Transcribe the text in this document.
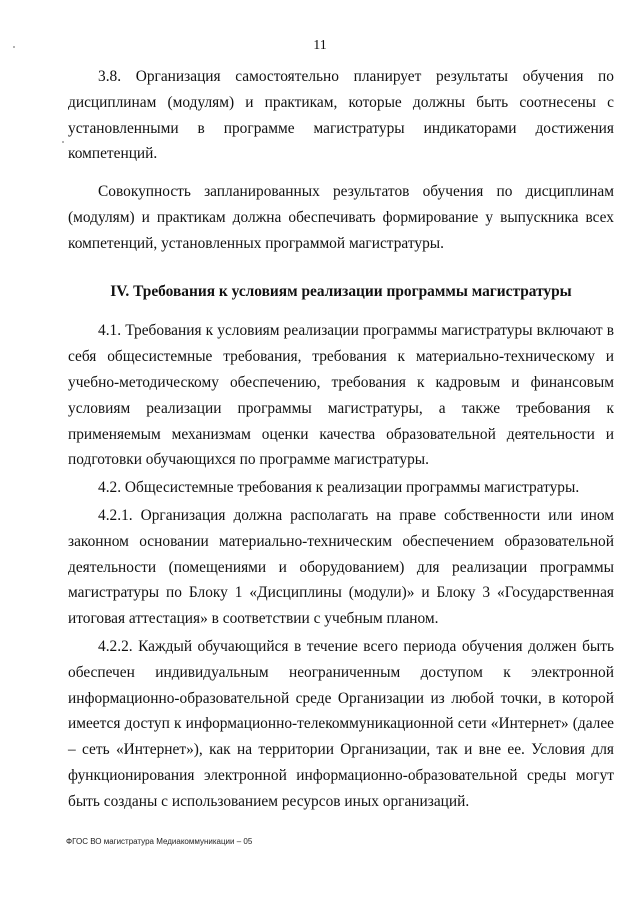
11

3.8. Организация самостоятельно планирует результаты обучения по дисциплинам (модулям) и практикам, которые должны быть соотнесены с установленными в программе магистратуры индикаторами достижения компетенций.

Совокупность запланированных результатов обучения по дисциплинам (модулям) и практикам должна обеспечивать формирование у выпускника всех компетенций, установленных программой магистратуры.

IV. Требования к условиям реализации программы магистратуры

4.1. Требования к условиям реализации программы магистратуры включают в себя общесистемные требования, требования к материально-техническому и учебно-методическому обеспечению, требования к кадровым и финансовым условиям реализации программы магистратуры, а также требования к применяемым механизмам оценки качества образовательной деятельности и подготовки обучающихся по программе магистратуры.

4.2. Общесистемные требования к реализации программы магистратуры.

4.2.1. Организация должна располагать на праве собственности или ином законном основании материально-техническим обеспечением образовательной деятельности (помещениями и оборудованием) для реализации программы магистратуры по Блоку 1 «Дисциплины (модули)» и Блоку 3 «Государственная итоговая аттестация» в соответствии с учебным планом.

4.2.2. Каждый обучающийся в течение всего периода обучения должен быть обеспечен индивидуальным неограниченным доступом к электронной информационно-образовательной среде Организации из любой точки, в которой имеется доступ к информационно-телекоммуникационной сети «Интернет» (далее – сеть «Интернет»), как на территории Организации, так и вне ее. Условия для функционирования электронной информационно-образовательной среды могут быть созданы с использованием ресурсов иных организаций.

ФГОС ВО магистратура Медиакоммуникации – 05
